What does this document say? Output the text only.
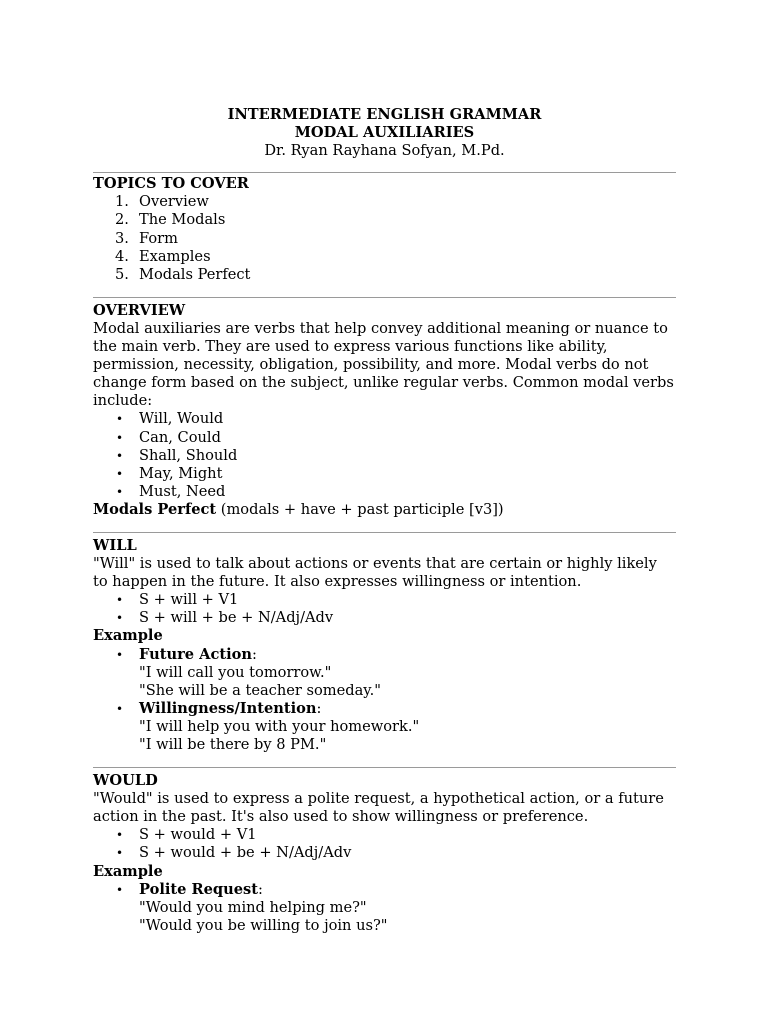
INTERMEDIATE ENGLISH GRAMMAR
MODAL AUXILIARIES
Dr. Ryan Rayhana Sofyan, M.Pd.
TOPICS TO COVER
1. Overview
2. The Modals
3. Form
4. Examples
5. Modals Perfect
OVERVIEW

Modal auxiliaries are verbs that help convey additional meaning or nuance to the main verb. They are used to express various functions like ability, permission, necessity, obligation, possibility, and more. Modal verbs do not change form based on the subject, unlike regular verbs. Common modal verbs include:

• Will, Would
• Can, Could
• Shall, Should
• May, Might
• Must, Need

Modals Perfect (modals + have + past participle [v3])

WILL

"Will" is used to talk about actions or events that are certain or highly likely to happen in the future. It also expresses willingness or intention.

• S + will + V1
• S + will + be + N/Adj/Adv
Example
• Future Action:
"I will call you tomorrow."
"She will be a teacher someday."
• Willingness/Intention:
"I will help you with your homework."
"I will be there by 8 PM."
WOULD

"Would" is used to express a polite request, a hypothetical action, or a future action in the past. It's also used to show willingness or preference.

• S + would + V1
• S + would + be + N/Adj/Adv
Example
• Polite Request:
"Would you mind helping me?"
"Would you be willing to join us?"
